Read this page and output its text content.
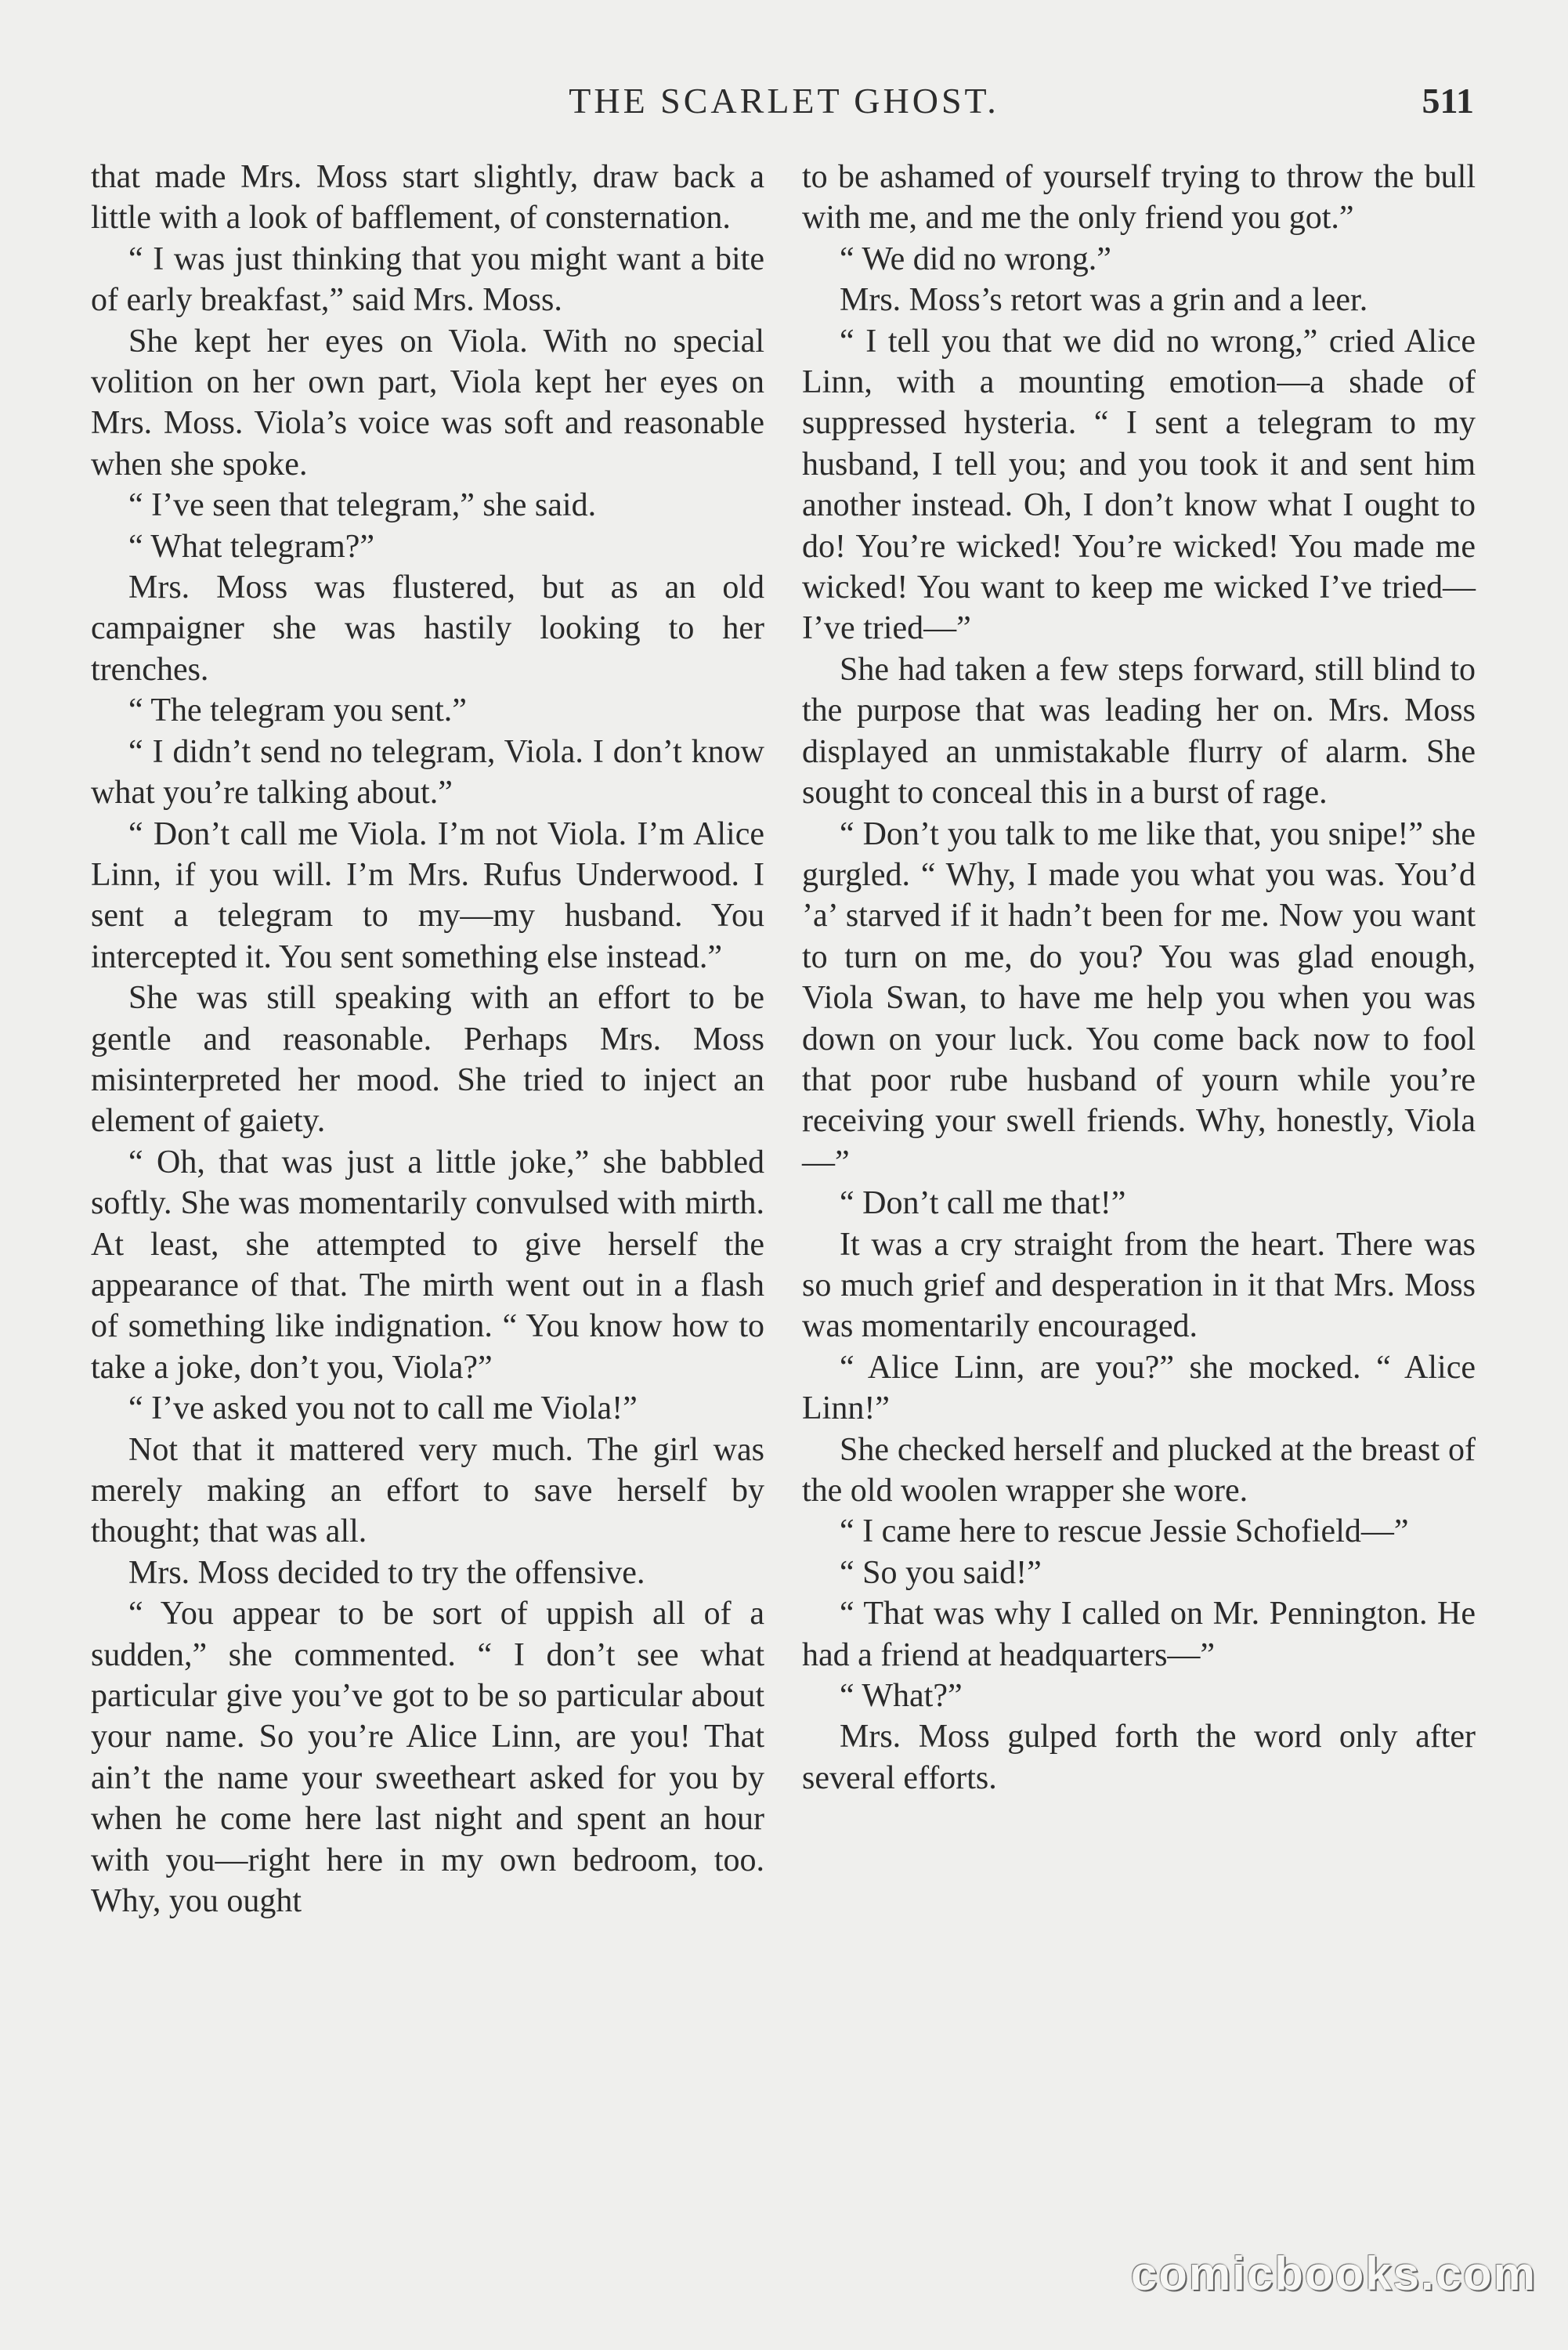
THE SCARLET GHOST.	511

that made Mrs. Moss start slightly, draw back a little with a look of bafflement, of consternation.

“ I was just thinking that you might want a bite of early breakfast,” said Mrs. Moss.

She kept her eyes on Viola. With no special volition on her own part, Viola kept her eyes on Mrs. Moss. Viola’s voice was soft and reasonable when she spoke.

“ I’ve seen that telegram,” she said.

“ What telegram?”

Mrs. Moss was flustered, but as an old campaigner she was hastily looking to her trenches.

“ The telegram you sent.”

“ I didn’t send no telegram, Viola. I don’t know what you’re talking about.”

“ Don’t call me Viola. I’m not Viola. I’m Alice Linn, if you will. I’m Mrs. Rufus Underwood. I sent a telegram to my—my husband. You intercepted it. You sent something else instead.”

She was still speaking with an effort to be gentle and reasonable. Perhaps Mrs. Moss misinterpreted her mood. She tried to inject an element of gaiety.

“ Oh, that was just a little joke,” she babbled softly. She was momentarily convulsed with mirth. At least, she attempted to give herself the appearance of that. The mirth went out in a flash of something like indignation. “ You know how to take a joke, don’t you, Viola?”

“ I’ve asked you not to call me Viola!”

Not that it mattered very much. The girl was merely making an effort to save herself by thought; that was all.

Mrs. Moss decided to try the offensive.

“ You appear to be sort of uppish all of a sudden,” she commented. “ I don’t see what particular give you’ve got to be so particular about your name. So you’re Alice Linn, are you! That ain’t the name your sweetheart asked for you by when he come here last night and spent an hour with you—right here in my own bedroom, too. Why, you ought

to be ashamed of yourself trying to throw the bull with me, and me the only friend you got.”

“ We did no wrong.”

Mrs. Moss’s retort was a grin and a leer.

“ I tell you that we did no wrong,” cried Alice Linn, with a mounting emotion—a shade of suppressed hysteria. “ I sent a telegram to my husband, I tell you; and you took it and sent him another instead. Oh, I don’t know what I ought to do! You’re wicked! You’re wicked! You made me wicked! You want to keep me wicked I’ve tried—I’ve tried—”

She had taken a few steps forward, still blind to the purpose that was leading her on. Mrs. Moss displayed an unmistakable flurry of alarm. She sought to conceal this in a burst of rage.

“ Don’t you talk to me like that, you snipe!” she gurgled. “ Why, I made you what you was. You’d ’a’ starved if it hadn’t been for me. Now you want to turn on me, do you? You was glad enough, Viola Swan, to have me help you when you was down on your luck. You come back now to fool that poor rube husband of yourn while you’re receiving your swell friends. Why, honestly, Viola—”

“ Don’t call me that!”

It was a cry straight from the heart. There was so much grief and desperation in it that Mrs. Moss was momentarily encouraged.

“ Alice Linn, are you?” she mocked. “ Alice Linn!”

She checked herself and plucked at the breast of the old woolen wrapper she wore.

“ I came here to rescue Jessie Schofield—”

“ So you said!”

“ That was why I called on Mr. Pennington. He had a friend at headquarters—”

“ What?”

Mrs. Moss gulped forth the word only after several efforts.

comicbooks.com
